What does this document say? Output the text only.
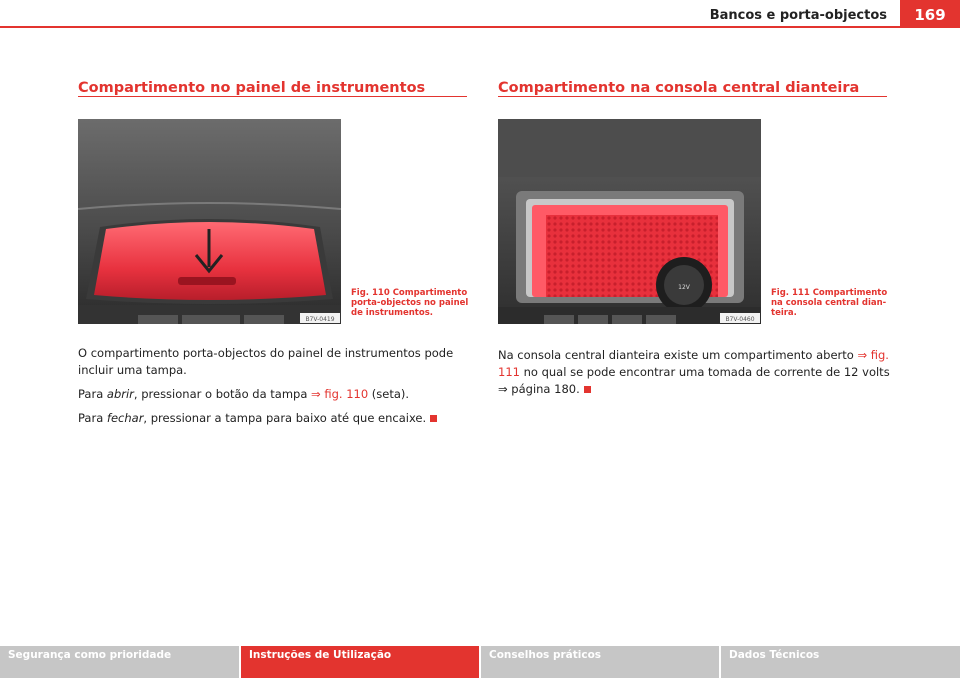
Bancos e porta-objectos	169
Compartimento no painel de instrumentos
B7V-0419
Fig. 110 Compartimento
porta-objectos no painel
de instrumentos.

O compartimento porta-objectos do painel de instrumentos pode incluir uma tampa.

Para abrir, pressionar o botão da tampa ⇒ fig. 110 (seta).

Para fechar, pressionar a tampa para baixo até que encaixe.

Compartimento na consola central dianteira
12V
B7V-0460
Fig. 111 Compartimento
na consola central dian-
teira.

Na consola central dianteira existe um compartimento aberto ⇒ fig. 111 no qual se pode encontrar uma tomada de corrente de 12 volts ⇒ página 180.

Segurança como prioridade	Instruções de Utilização	Conselhos práticos	Dados Técnicos
